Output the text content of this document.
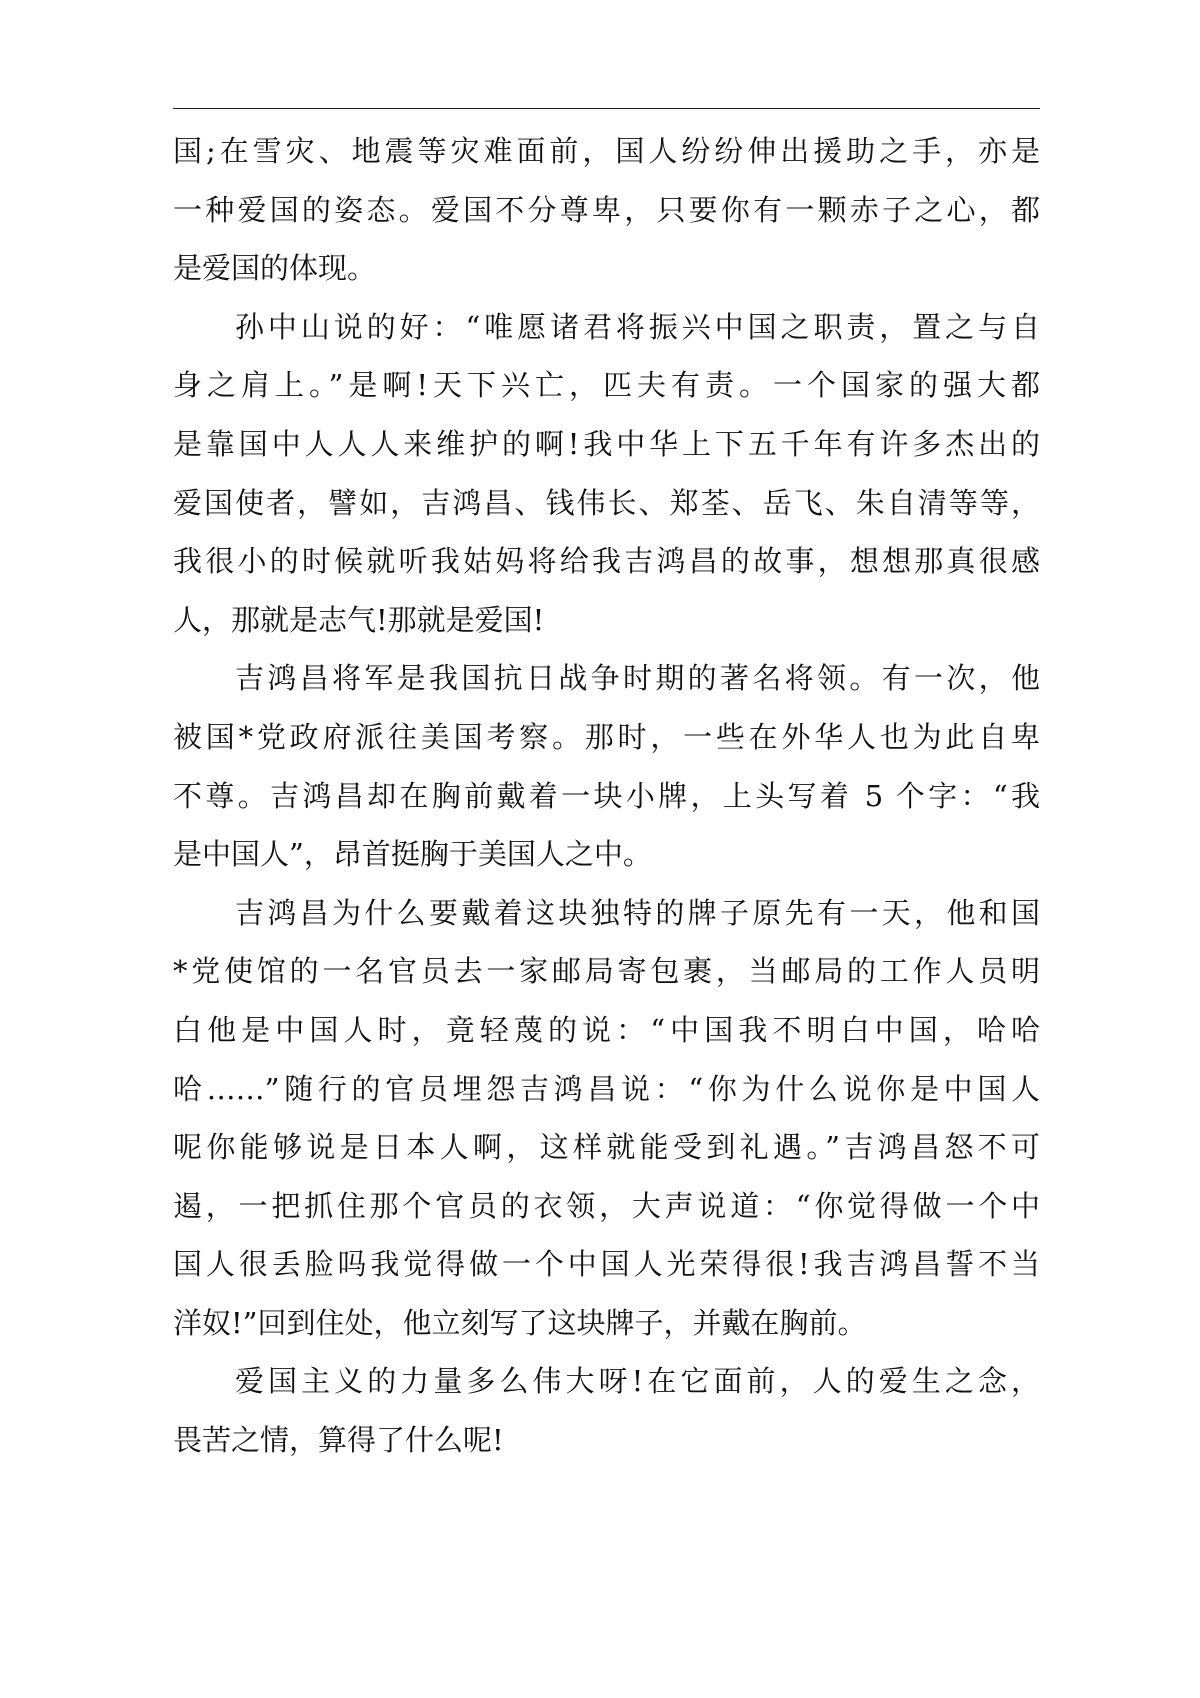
国;在雪灾、地震等灾难面前，国人纷纷伸出援助之手，亦是
一种爱国的姿态。爱国不分尊卑，只要你有一颗赤子之心，都
是爱国的体现。
孙中山说的好：“唯愿诸君将振兴中国之职责，置之与自
身之肩上。”是啊!天下兴亡，匹夫有责。一个国家的强大都
是靠国中人人人来维护的啊!我中华上下五千年有许多杰出的
爱国使者，譬如，吉鸿昌、钱伟长、郑荃、岳飞、朱自清等等，
我很小的时候就听我姑妈将给我吉鸿昌的故事，想想那真很感
人，那就是志气!那就是爱国!
吉鸿昌将军是我国抗日战争时期的著名将领。有一次，他
被国*党政府派往美国考察。那时，一些在外华人也为此自卑
不尊。吉鸿昌却在胸前戴着一块小牌，上头写着 5 个字：“我
是中国人”，昂首挺胸于美国人之中。
吉鸿昌为什么要戴着这块独特的牌子原先有一天，他和国
*党使馆的一名官员去一家邮局寄包裹，当邮局的工作人员明
白他是中国人时，竟轻蔑的说：“中国我不明白中国，哈哈
哈……”随行的官员埋怨吉鸿昌说：“你为什么说你是中国人
呢你能够说是日本人啊，这样就能受到礼遇。”吉鸿昌怒不可
遏，一把抓住那个官员的衣领，大声说道：“你觉得做一个中
国人很丢脸吗我觉得做一个中国人光荣得很!我吉鸿昌誓不当
洋奴!”回到住处，他立刻写了这块牌子，并戴在胸前。
爱国主义的力量多么伟大呀!在它面前，人的爱生之念，
畏苦之情，算得了什么呢!
